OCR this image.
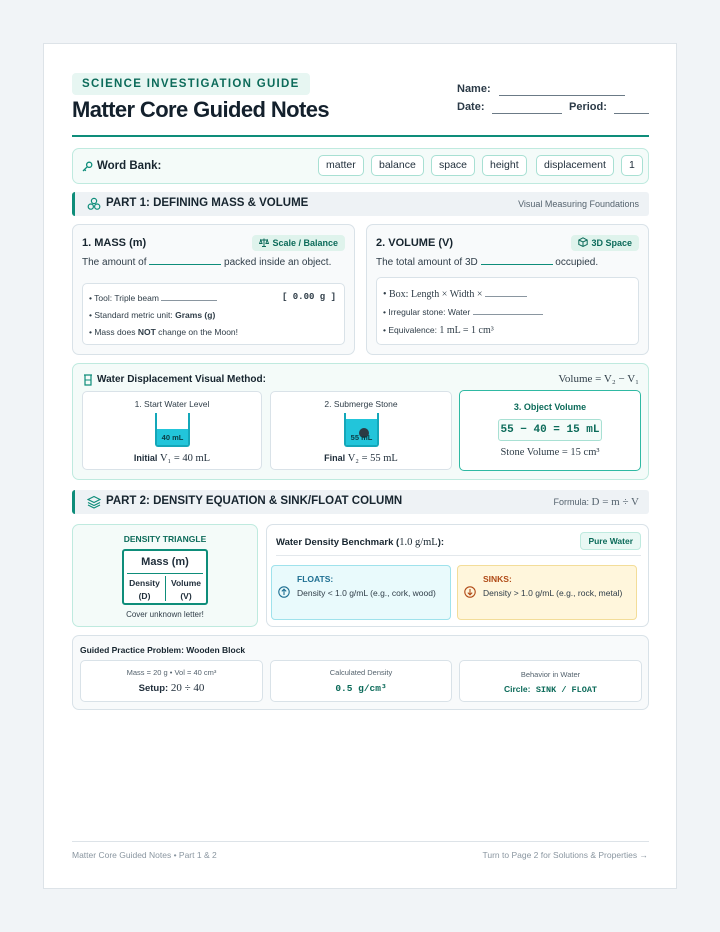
SCIENCE INVESTIGATION GUIDE
Matter Core Guided Notes
Name:
Date:	Period:
Word Bank:	matter	balance	space	height	displacement	1
PART 1: DEFINING MASS & VOLUME	Visual Measuring Foundations
1. MASS (m)	Scale / Balance
The amount of	packed inside an object.
• Tool: Triple beam	[ 0.00 g ]
• Standard metric unit: Grams (g)
• Mass does NOT change on the Moon!
2. VOLUME (V)	3D Space
The total amount of 3D	occupied.
• Box: Length × Width ×
• Irregular stone: Water
• Equivalence: 1 mL = 1 cm³
Water Displacement Visual Method:	Volume = V₂ − V₁
1. Start Water Level
40 mL
Initial V₁ = 40 mL
2. Submerge Stone
55 mL
Final V₂ = 55 mL
3. Object Volume
55 − 40 = 15 mL
Stone Volume = 15 cm³
PART 2: DENSITY EQUATION & SINK/FLOAT COLUMN	Formula: D = m ÷ V
DENSITY TRIANGLE
Mass (m)
Density
(D)
Volume
(V)
Cover unknown letter!
Water Density Benchmark (1.0 g/mL):	Pure Water
FLOATS:
Density < 1.0 g/mL (e.g., cork, wood)
SINKS:
Density > 1.0 g/mL (e.g., rock, metal)
Guided Practice Problem: Wooden Block
Mass = 20 g • Vol = 40 cm³
Setup: 20 ÷ 40
Calculated Density
0.5 g/cm³
Behavior in Water
Circle: SINK / FLOAT
Matter Core Guided Notes • Part 1 & 2	Turn to Page 2 for Solutions & Properties →
